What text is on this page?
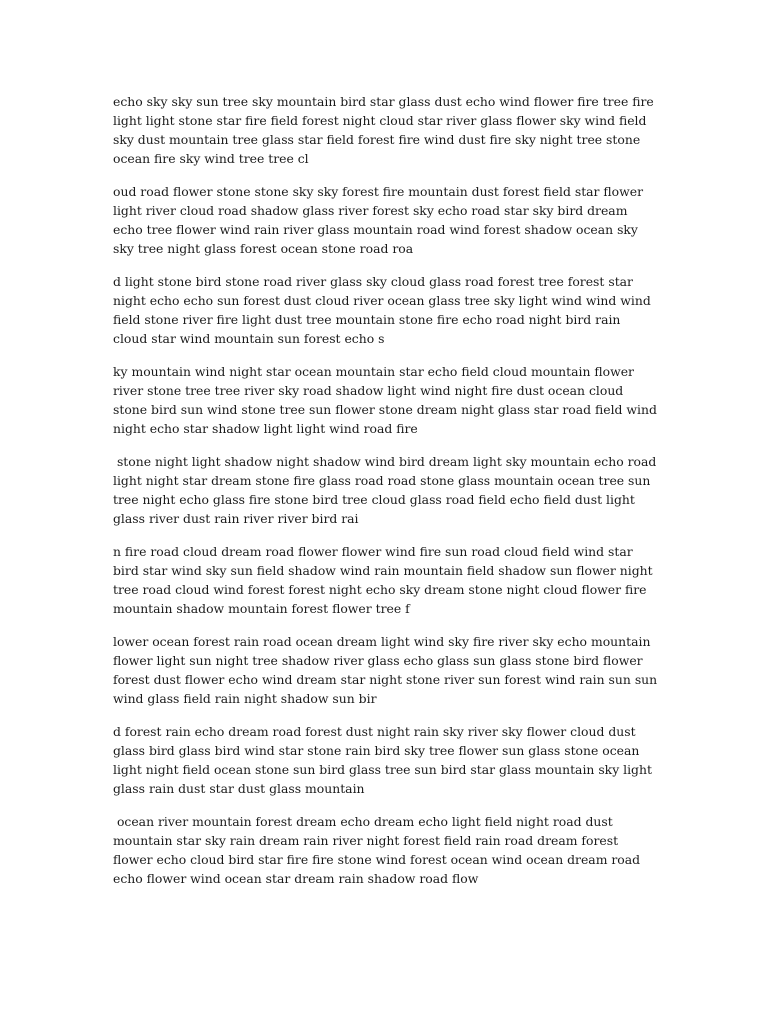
echo sky sky sun tree sky mountain bird star glass dust echo wind flower fire tree fire light light stone star fire field forest night cloud star river glass flower sky wind field sky dust mountain tree glass star field forest fire wind dust fire sky night tree stone ocean fire sky wind tree tree cl

oud road flower stone stone sky sky forest fire mountain dust forest field star flower light river cloud road shadow glass river forest sky echo road star sky bird dream echo tree flower wind rain river glass mountain road wind forest shadow ocean sky sky tree night glass forest ocean stone road roa

d light stone bird stone road river glass sky cloud glass road forest tree forest star night echo echo sun forest dust cloud river ocean glass tree sky light wind wind wind field stone river fire light dust tree mountain stone fire echo road night bird rain cloud star wind mountain sun forest echo s

ky mountain wind night star ocean mountain star echo field cloud mountain flower river stone tree tree river sky road shadow light wind night fire dust ocean cloud stone bird sun wind stone tree sun flower stone dream night glass star road field wind night echo star shadow light light wind road fire

stone night light shadow night shadow wind bird dream light sky mountain echo road light night star dream stone fire glass road road stone glass mountain ocean tree sun tree night echo glass fire stone bird tree cloud glass road field echo field dust light glass river dust rain river river bird rai

n fire road cloud dream road flower flower wind fire sun road cloud field wind star bird star wind sky sun field shadow wind rain mountain field shadow sun flower night tree road cloud wind forest forest night echo sky dream stone night cloud flower fire mountain shadow mountain forest flower tree f

lower ocean forest rain road ocean dream light wind sky fire river sky echo mountain flower light sun night tree shadow river glass echo glass sun glass stone bird flower forest dust flower echo wind dream star night stone river sun forest wind rain sun sun wind glass field rain night shadow sun bir

d forest rain echo dream road forest dust night rain sky river sky flower cloud dust glass bird glass bird wind star stone rain bird sky tree flower sun glass stone ocean light night field ocean stone sun bird glass tree sun bird star glass mountain sky light glass rain dust star dust glass mountain

ocean river mountain forest dream echo dream echo light field night road dust mountain star sky rain dream rain river night forest field rain road dream forest flower echo cloud bird star fire fire stone wind forest ocean wind ocean dream road echo flower wind ocean star dream rain shadow road flow
